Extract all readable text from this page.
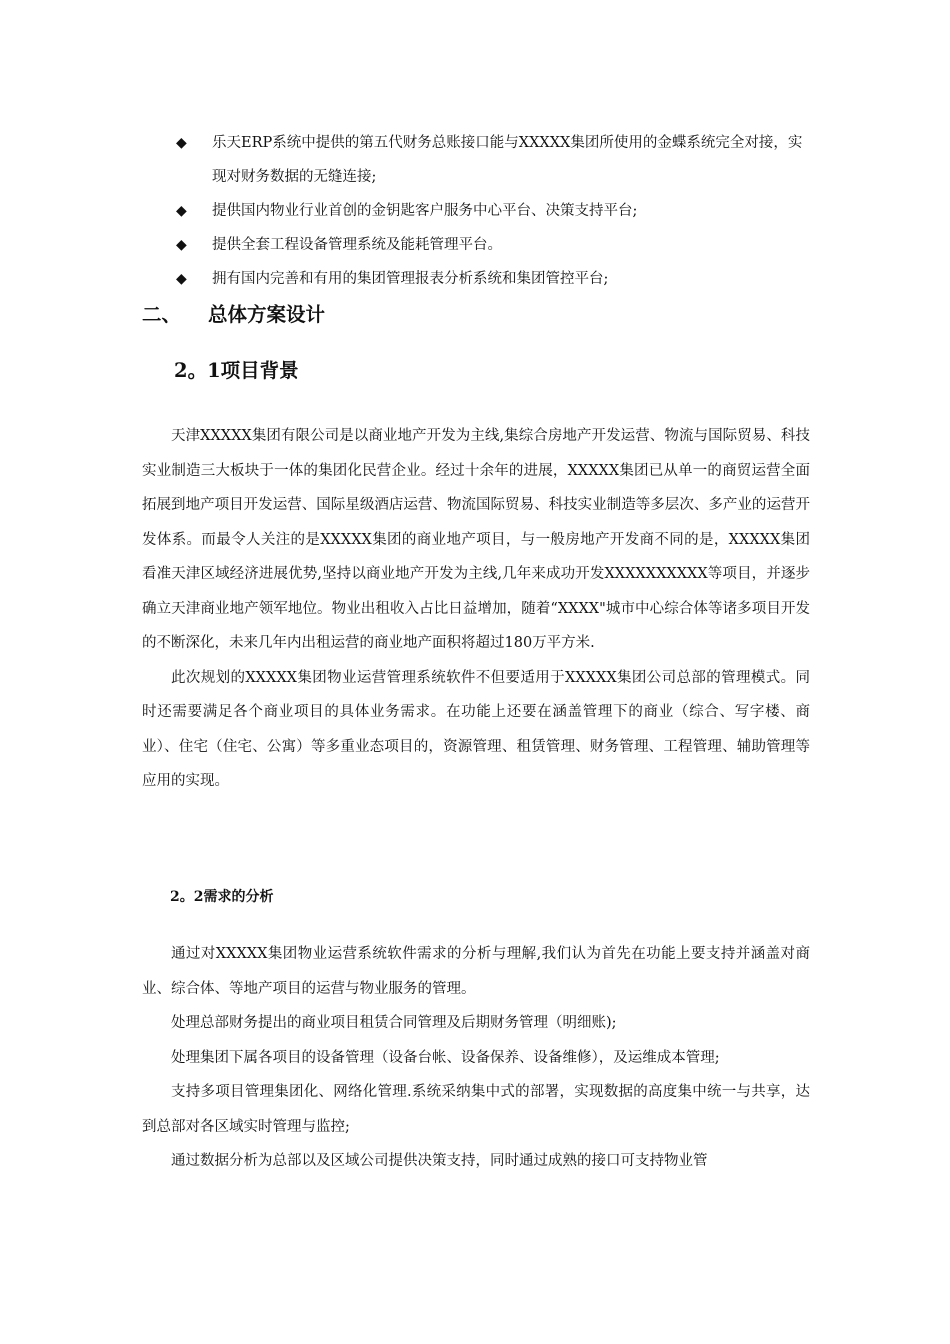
◆ 乐天ERP系统中提供的第五代财务总账接口能与XXXXX集团所使用的金蝶系统完全对接，实现对财务数据的无缝连接;
◆ 提供国内物业行业首创的金钥匙客户服务中心平台、决策支持平台;
◆ 提供全套工程设备管理系统及能耗管理平台。
◆ 拥有国内完善和有用的集团管理报表分析系统和集团管控平台;
二、 总体方案设计
2。1项目背景

天津XXXXX集团有限公司是以商业地产开发为主线,集综合房地产开发运营、物流与国际贸易、科技实业制造三大板块于一体的集团化民营企业。经过十余年的进展，XXXXX集团已从单一的商贸运营全面拓展到地产项目开发运营、国际星级酒店运营、物流国际贸易、科技实业制造等多层次、多产业的运营开发体系。而最令人关注的是XXXXX集团的商业地产项目，与一般房地产开发商不同的是，XXXXX集团看准天津区域经济进展优势,坚持以商业地产开发为主线,几年来成功开发XXXXXXXXXX等项目，并逐步确立天津商业地产领军地位。物业出租收入占比日益增加，随着“XXXX"城市中心综合体等诸多项目开发的不断深化，未来几年内出租运营的商业地产面积将超过180万平方米.

此次规划的XXXXX集团物业运营管理系统软件不但要适用于XXXXX集团公司总部的管理模式。同时还需要满足各个商业项目的具体业务需求。在功能上还要在涵盖管理下的商业（综合、写字楼、商业）、住宅（住宅、公寓）等多重业态项目的，资源管理、租赁管理、财务管理、工程管理、辅助管理等应用的实现。

2。2需求的分析

通过对XXXXX集团物业运营系统软件需求的分析与理解,我们认为首先在功能上要支持并涵盖对商业、综合体、等地产项目的运营与物业服务的管理。

处理总部财务提出的商业项目租赁合同管理及后期财务管理（明细账);

处理集团下属各项目的设备管理（设备台帐、设备保养、设备维修），及运维成本管理;

支持多项目管理集团化、网络化管理.系统采纳集中式的部署，实现数据的高度集中统一与共享，达到总部对各区域实时管理与监控;

通过数据分析为总部以及区域公司提供决策支持，同时通过成熟的接口可支持物业管
